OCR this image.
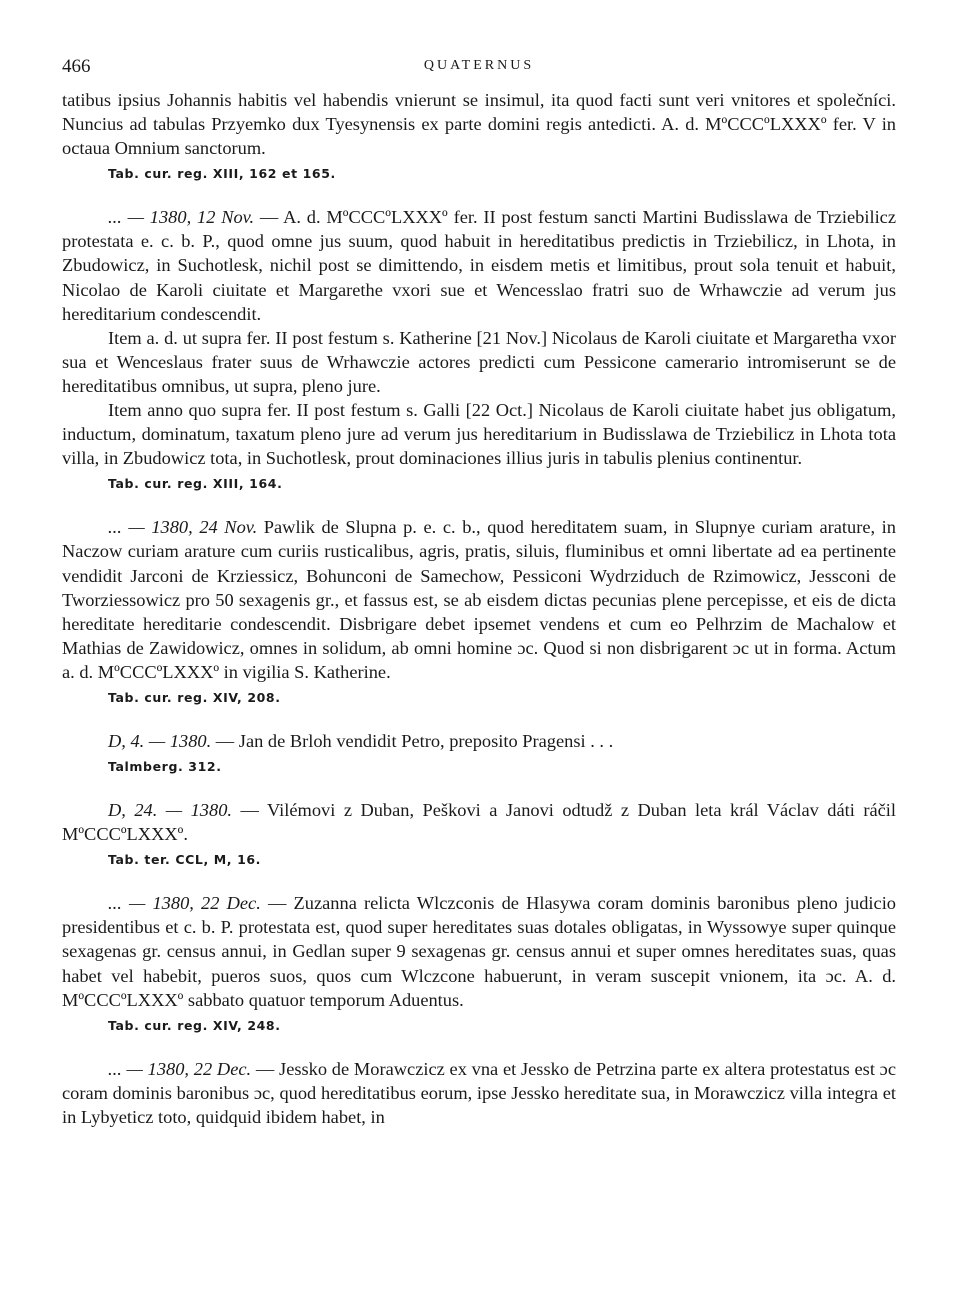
466	QUATERNUS

tatibus ipsius Johannis habitis vel habendis vnierunt se insimul, ita quod facti sunt veri vnitores et společníci. Nuncius ad tabulas Przyemko dux Tyesynensis ex parte domini regis antedicti. A. d. MºCCCºLXXXº fer. V in octaua Omnium sanctorum.

Tab. cur. reg. XIII, 162 et 165.

... — 1380, 12 Nov. — A. d. MºCCCºLXXXº fer. II post festum sancti Martini Budisslawa de Trziebilicz protestata e. c. b. P., quod omne jus suum, quod habuit in hereditatibus predictis in Trziebilicz, in Lhota, in Zbudowicz, in Suchotlesk, nichil post se dimittendo, in eisdem metis et limitibus, prout sola tenuit et habuit, Nicolao de Karoli ciuitate et Margarethe vxori sue et Wencesslao fratri suo de Wrhawczie ad verum jus hereditarium condescendit.

Item a. d. ut supra fer. II post festum s. Katherine [21 Nov.] Nicolaus de Karoli ciuitate et Margaretha vxor sua et Wenceslaus frater suus de Wrhawczie actores predicti cum Pessicone camerario intromiserunt se de hereditatibus omnibus, ut supra, pleno jure.

Item anno quo supra fer. II post festum s. Galli [22 Oct.] Nicolaus de Karoli ciuitate habet jus obligatum, inductum, dominatum, taxatum pleno jure ad verum jus hereditarium in Budisslawa de Trziebilicz in Lhota tota villa, in Zbudowicz tota, in Suchotlesk, prout dominaciones illius juris in tabulis plenius continentur.

Tab. cur. reg. XIII, 164.

... — 1380, 24 Nov. Pawlik de Slupna p. e. c. b., quod hereditatem suam, in Slupnye curiam arature, in Naczow curiam arature cum curiis rusticalibus, agris, pratis, siluis, fluminibus et omni libertate ad ea pertinente vendidit Jarconi de Krziessicz, Bohunconi de Samechow, Pessiconi Wydrziduch de Rzimowicz, Jessconi de Tworziessowicz pro 50 sexagenis gr., et fassus est, se ab eisdem dictas pecunias plene percepisse, et eis de dicta hereditate hereditarie condescendit. Disbrigare debet ipsemet vendens et cum eo Pelhrzim de Machalow et Mathias de Zawidowicz, omnes in solidum, ab omni homine ɔc. Quod si non disbrigarent ɔc ut in forma. Actum a. d. MºCCCºLXXXº in vigilia S. Katherine.

Tab. cur. reg. XIV, 208.

D, 4. — 1380. — Jan de Brloh vendidit Petro, preposito Pragensi . . .

Talmberg. 312.

D, 24. — 1380. — Vilémovi z Duban, Peškovi a Janovi odtudž z Duban leta král Václav dáti ráčil MºCCCºLXXXº.

Tab. ter. CCL, M, 16.

... — 1380, 22 Dec. — Zuzanna relicta Wlczconis de Hlasywa coram dominis baronibus pleno judicio presidentibus et c. b. P. protestata est, quod super hereditates suas dotales obligatas, in Wyssowye super quinque sexagenas gr. census annui, in Gedlan super 9 sexagenas gr. census annui et super omnes hereditates suas, quas habet vel habebit, pueros suos, quos cum Wlczcone habuerunt, in veram suscepit vnionem, ita ɔc. A. d. MºCCCºLXXXº sabbato quatuor temporum Aduentus.

Tab. cur. reg. XIV, 248.

... — 1380, 22 Dec. — Jessko de Morawczicz ex vna et Jessko de Petrzina parte ex altera protestatus est ɔc coram dominis baronibus ɔc, quod hereditatibus eorum, ipse Jessko hereditate sua, in Morawczicz villa integra et in Lybyeticz toto, quidquid ibidem habet, in
